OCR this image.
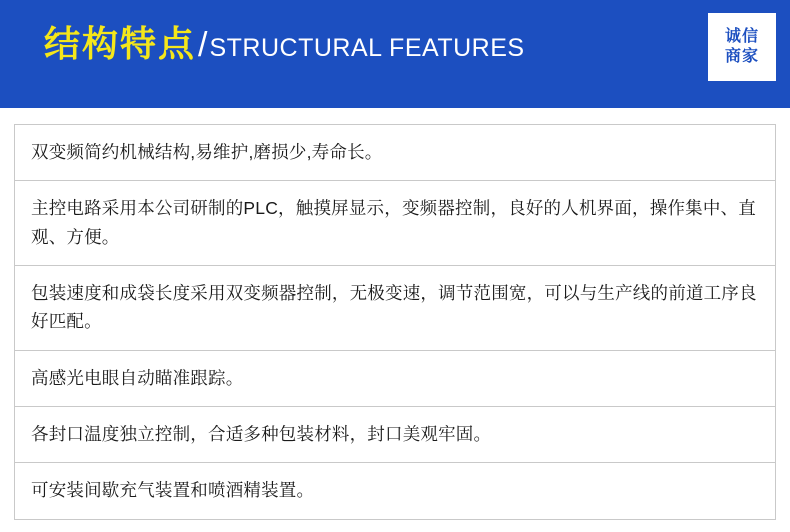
结构特点 / STRUCTURAL FEATURES	诚信
商家
双变频简约机械结构,易维护,磨损少,寿命长。
主控电路采用本公司研制的PLC，触摸屏显示，变频器控制，良好的人机界面，操作集中、直观、方便。
包装速度和成袋长度采用双变频器控制，无极变速，调节范围宽，可以与生产线的前道工序良好匹配。
高感光电眼自动瞄准跟踪。
各封口温度独立控制，合适多种包装材料，封口美观牢固。
可安装间歇充气装置和喷酒精装置。
